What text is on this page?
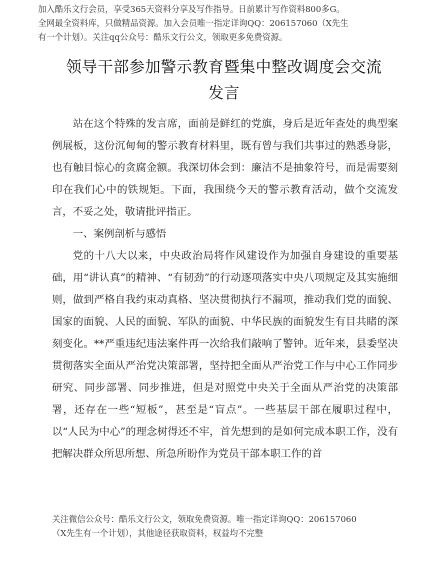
加入酷乐文行会员，享受365天资料分享及写作指导。日前累计写作资料800多G。
全网最全资料库，只做精品资源。加入会员唯一指定详询QQ：206157060（X先生
有一个计划）。关注qq公众号：酷乐文行公文，领取更多免费资源。
领导干部参加警示教育暨集中整改调度会交流
发言

站在这个特殊的发言席，面前是鲜红的党旗，身后是近年查处的典型案例展板，这份沉甸甸的警示教育材料里，既有曾与我们共事过的熟悉身影，也有触目惊心的贪腐金额。我深切体会到：廉洁不是抽象符号，而是需要刻印在我们心中的铁规矩。下面，我围绕今天的警示教育活动，做个交流发言，不妥之处，敬请批评指正。

一、案例剖析与感悟

党的十八大以来，中央政治局将作风建设作为加强自身建设的重要基础，用“讲认真”的精神、“有韧劲”的行动逐项落实中央八项规定及其实施细则，做到严格自我约束动真格、坚决贯彻执行不漏项，推动我们党的面貌、国家的面貌、人民的面貌、军队的面貌、中华民族的面貌发生有目共睹的深刻变化。**严重违纪违法案件再一次给我们敲响了警钟。近年来，县委坚决贯彻落实全面从严治党决策部署，坚持把全面从严治党工作与中心工作同步研究、同步部署、同步推进，但是对照党中央关于全面从严治党的决策部署，还存在一些“短板”，甚至是“盲点”。一些基层干部在履职过程中，以“人民为中心”的理念树得还不牢，首先想到的是如何完成本职工作，没有把解决群众所思所想、所急所盼作为党员干部本职工作的首

关注微信公众号：酷乐文行公文，领取免费资源。唯一指定详询QQ：206157060
（X先生有一个计划），其他途径获取资料，权益均不完整
